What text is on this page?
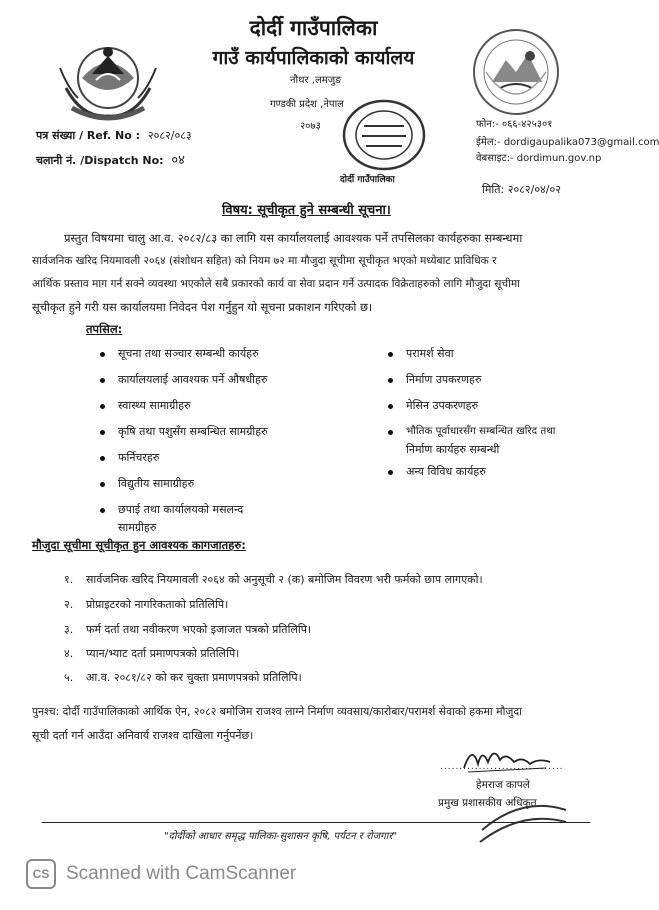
दोर्दी गाउँपालिका
गाउँ कार्यपालिकाको कार्यालय
नौथर ,लमजुङ
गण्डकी प्रदेश ,नेपाल
२०७३
दोर्दी गाउँपालिका
फोन:- ०६६-४२५३०१
ईमेल:- dordigaupalika073@gmail.com
वेबसाइट:- dordimun.gov.np
पत्र संख्या / Ref. No : २०८२/०८३
चलानी नं. /Dispatch No: ०४
मिति: २०८२/०४/०२
विषय: सूचीकृत हुने सम्बन्धी सूचना।
प्रस्तुत विषयमा चालु आ.व. २०८२/८३ का लागि यस कार्यालयलाई आवश्यक पर्ने तपसिलका कार्यहरुका सम्बन्धमा
सार्वजनिक खरिद नियमावली २०६४ (संशोधन सहित) को नियम ७२ मा मौजुदा सूचीमा सूचीकृत भएको मध्येबाट प्राविधिक र
आर्थिक प्रस्ताव माग गर्न सक्ने व्यवस्था भएकोले सबै प्रकारको कार्य वा सेवा प्रदान गर्ने उत्पादक विक्रेताहरुको लागि मौजुदा सूचीमा
सूचीकृत हुने गरी यस कार्यालयमा निवेदन पेश गर्नुहुन यो सूचना प्रकाशन गरिएको छ।
तपसिल:
सूचना तथा सञ्चार सम्बन्धी कार्यहरु
कार्यालयलाई आवश्यक पर्ने औषधीहरु
स्वास्थ्य सामाग्रीहरु
कृषि तथा पशुसँग सम्बन्धित सामग्रीहरु
फर्निचरहरु
विद्युतीय सामाग्रीहरु
छपाई तथा कार्यालयको मसलन्द
सामग्रीहरु
परामर्श सेवा
निर्माण उपकरणहरु
मेसिन उपकरणहरु
भौतिक पूर्वाधारसँग सम्बन्धित खरिद तथा
निर्माण कार्यहरु सम्बन्धी
अन्य विविध कार्यहरु
मौजुदा सूचीमा सूचीकृत हुन आवश्यक कागजातहरु:
१. सार्वजनिक खरिद नियमावली २०६४ को अनुसूची २ (क) बमोजिम विवरण भरी फर्मको छाप लागएको।
२. प्रोप्राइटरको नागरिकताको प्रतिलिपि।
३. फर्म दर्ता तथा नवीकरण भएको इजाजत पत्रको प्रतिलिपि।
४. प्यान/भ्याट दर्ता प्रमाणपत्रको प्रतिलिपि।
५. आ.व. २०८१/८२ को कर चुक्ता प्रमाणपत्रको प्रतिलिपि।
पुनश्च: दोर्दी गाउँपालिकाको आर्थिक ऐन, २०८२ बमोजिम राजश्व लाग्ने निर्माण व्यवसाय/कारोबार/परामर्श सेवाको हकमा मौजुदा
सूची दर्ता गर्न आउँदा अनिवार्य राजश्व दाखिला गर्नुपर्नेछ।
................................
हेमराज कापले
प्रमुख प्रशासकीय अधिकृत
"दोर्दीको आधार समृद्ध पालिका-सुशासन कृषि, पर्यटन र रोजगार"
CS Scanned with CamScanner
